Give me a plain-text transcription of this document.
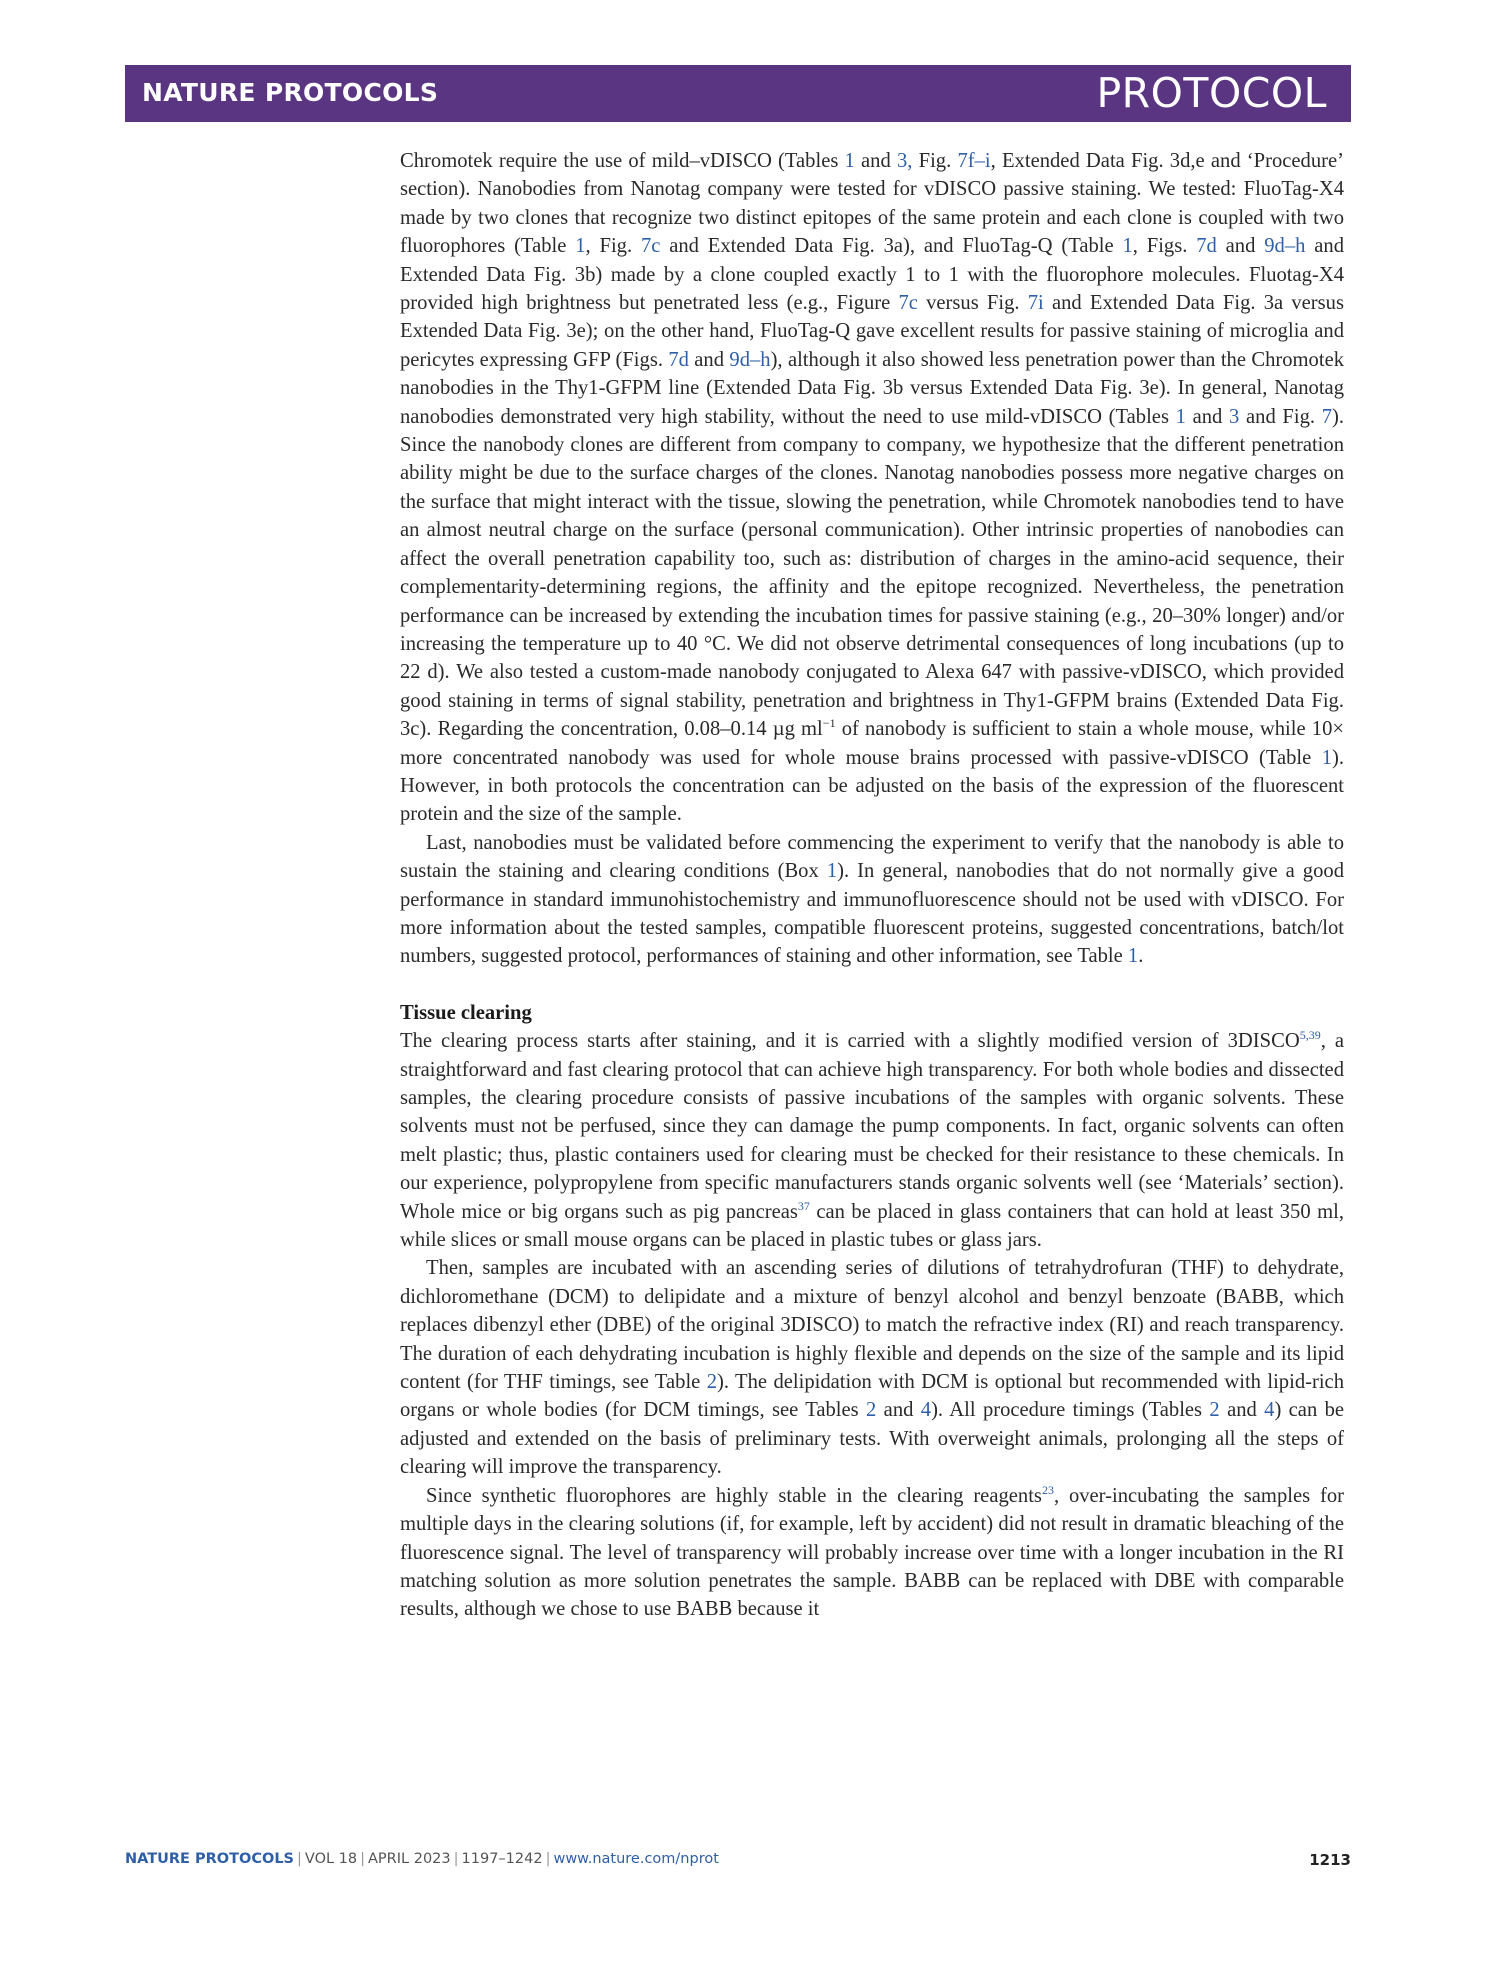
NATURE PROTOCOLS	PROTOCOL

Chromotek require the use of mild–vDISCO (Tables 1 and 3, Fig. 7f–i, Extended Data Fig. 3d,e and ‘Procedure’ section). Nanobodies from Nanotag company were tested for vDISCO passive staining. We tested: FluoTag-X4 made by two clones that recognize two distinct epitopes of the same protein and each clone is coupled with two fluorophores (Table 1, Fig. 7c and Extended Data Fig. 3a), and FluoTag-Q (Table 1, Figs. 7d and 9d–h and Extended Data Fig. 3b) made by a clone coupled exactly 1 to 1 with the fluorophore molecules. Fluotag-X4 provided high brightness but penetrated less (e.g., Figure 7c versus Fig. 7i and Extended Data Fig. 3a versus Extended Data Fig. 3e); on the other hand, FluoTag-Q gave excellent results for passive staining of microglia and pericytes expressing GFP (Figs. 7d and 9d–h), although it also showed less penetration power than the Chromotek nanobodies in the Thy1-GFPM line (Extended Data Fig. 3b versus Extended Data Fig. 3e). In general, Nanotag nanobodies demonstrated very high stability, without the need to use mild-vDISCO (Tables 1 and 3 and Fig. 7). Since the nanobody clones are different from company to company, we hypothesize that the different penetration ability might be due to the surface charges of the clones. Nanotag nanobodies possess more negative charges on the surface that might interact with the tissue, slowing the penetration, while Chromotek nanobodies tend to have an almost neutral charge on the surface (personal communication). Other intrinsic properties of nanobodies can affect the overall penetration capability too, such as: distribution of charges in the amino-acid sequence, their complementarity-determining regions, the affinity and the epitope recognized. Nevertheless, the penetration performance can be increased by extending the incubation times for passive staining (e.g., 20–30% longer) and/or increasing the temperature up to 40 °C. We did not observe detrimental consequences of long incubations (up to 22 d). We also tested a custom-made nanobody conjugated to Alexa 647 with passive-vDISCO, which provided good staining in terms of signal stability, penetration and brightness in Thy1-GFPM brains (Extended Data Fig. 3c). Regarding the concentration, 0.08–0.14 µg $ml^{-1}$ of nanobody is sufficient to stain a whole mouse, while 10× more concentrated nanobody was used for whole mouse brains processed with passive-vDISCO (Table 1). However, in both protocols the concentration can be adjusted on the basis of the expression of the fluorescent protein and the size of the sample.

Last, nanobodies must be validated before commencing the experiment to verify that the nanobody is able to sustain the staining and clearing conditions (Box 1). In general, nanobodies that do not normally give a good performance in standard immunohistochemistry and immunofluorescence should not be used with vDISCO. For more information about the tested samples, compatible fluorescent proteins, suggested concentrations, batch/lot numbers, suggested protocol, performances of staining and other information, see Table 1.

Tissue clearing

The clearing process starts after staining, and it is carried with a slightly modified version of 3DISCO$^{5,39}$, a straightforward and fast clearing protocol that can achieve high transparency. For both whole bodies and dissected samples, the clearing procedure consists of passive incubations of the samples with organic solvents. These solvents must not be perfused, since they can damage the pump components. In fact, organic solvents can often melt plastic; thus, plastic containers used for clearing must be checked for their resistance to these chemicals. In our experience, polypropylene from specific manufacturers stands organic solvents well (see ‘Materials’ section). Whole mice or big organs such as pig pancreas$^{37}$ can be placed in glass containers that can hold at least 350 ml, while slices or small mouse organs can be placed in plastic tubes or glass jars.

Then, samples are incubated with an ascending series of dilutions of tetrahydrofuran (THF) to dehydrate, dichloromethane (DCM) to delipidate and a mixture of benzyl alcohol and benzyl benzoate (BABB, which replaces dibenzyl ether (DBE) of the original 3DISCO) to match the refractive index (RI) and reach transparency. The duration of each dehydrating incubation is highly flexible and depends on the size of the sample and its lipid content (for THF timings, see Table 2). The delipidation with DCM is optional but recommended with lipid-rich organs or whole bodies (for DCM timings, see Tables 2 and 4). All procedure timings (Tables 2 and 4) can be adjusted and extended on the basis of preliminary tests. With overweight animals, prolonging all the steps of clearing will improve the transparency.

Since synthetic fluorophores are highly stable in the clearing reagents$^{23}$, over-incubating the samples for multiple days in the clearing solutions (if, for example, left by accident) did not result in dramatic bleaching of the fluorescence signal. The level of transparency will probably increase over time with a longer incubation in the RI matching solution as more solution penetrates the sample. BABB can be replaced with DBE with comparable results, although we chose to use BABB because it

NATURE PROTOCOLS | VOL 18 | APRIL 2023 | 1197–1242 | www.nature.com/nprot	1213
